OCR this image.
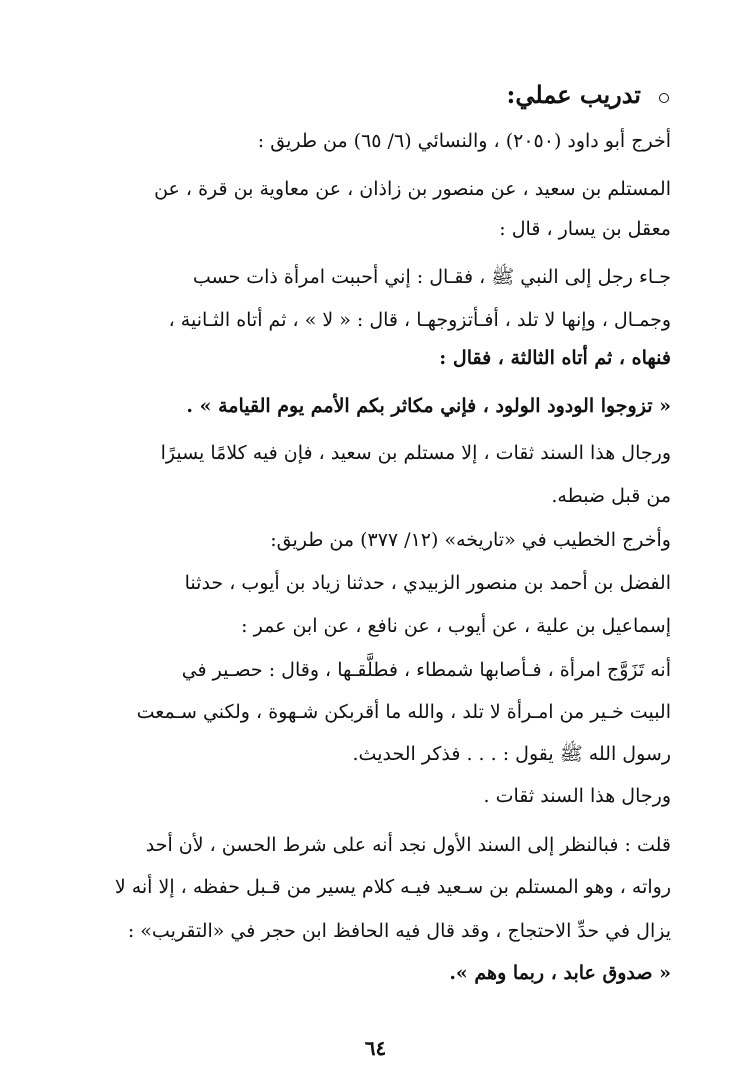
تدريب عملي:
أخرج أبو داود (٢٠٥٠) ، والنسائي (٦/ ٦٥) من طريق :
المستلم بن سعيد ، عن منصور بن زاذان ، عن معاوية بن قرة ، عن
معقل بن يسار ، قال :
جـاء رجل إلى النبي ﷺ ، فقـال : إني أحببت امرأة ذات حسب
وجمـال ، وإنها لا تلد ، أفـأتزوجهـا ، قال : « لا » ، ثم أتاه الثـانية ،
فنهاه ، ثم أتاه الثالثة ، فقال :
« تزوجوا الودود الولود ، فإني مكاثر بكم الأمم يوم القيامة » .
ورجال هذا السند ثقات ، إلا مستلم بن سعيد ، فإن فيه كلامًا يسيرًا
من قبل ضبطه.
وأخرج الخطيب في «تاريخه» (١٢/ ٣٧٧) من طريق:
الفضل بن أحمد بن منصور الزبيدي ، حدثنا زياد بن أيوب ، حدثنا
إسماعيل بن علية ، عن أيوب ، عن نافع ، عن ابن عمر :
أنه تَزَوَّج امرأة ، فـأصابها شمطاء ، فطلَّقـها ، وقال : حصـير في
البيت خـير من امـرأة لا تلد ، والله ما أقربكن شـهوة ، ولكني سـمعت
رسول الله ﷺ يقول : . . . فذكر الحديث.
ورجال هذا السند ثقات .
قلت : فبالنظر إلى السند الأول نجد أنه على شرط الحسن ، لأن أحد
رواته ، وهو المستلم بن سـعيد فيـه كلام يسير من قـبل حفظه ، إلا أنه لا
يزال في حدِّ الاحتجاج ، وقد قال فيه الحافظ ابن حجر في «التقريب» :
« صدوق عابد ، ربما وهم ».
٦٤
